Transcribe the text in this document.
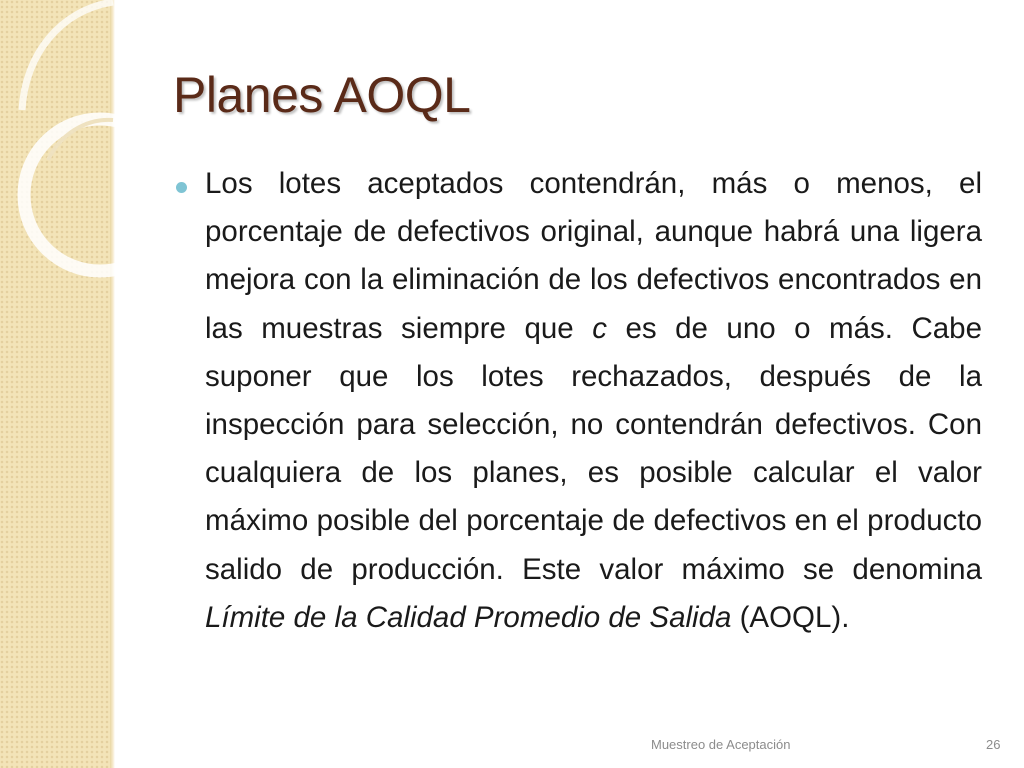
Planes AOQL

Los lotes aceptados contendrán, más o menos, el porcentaje de defectivos original, aunque habrá una ligera mejora con la eliminación de los defectivos encontrados en las muestras siempre que c es de uno o más. Cabe suponer que los lotes rechazados, después de la inspección para selección, no contendrán defectivos. Con cualquiera de los planes, es posible calcular el valor máximo posible del porcentaje de defectivos en el producto salido de producción. Este valor máximo se denomina Límite de la Calidad Promedio de Salida (AOQL).

Muestreo de Aceptación	26
